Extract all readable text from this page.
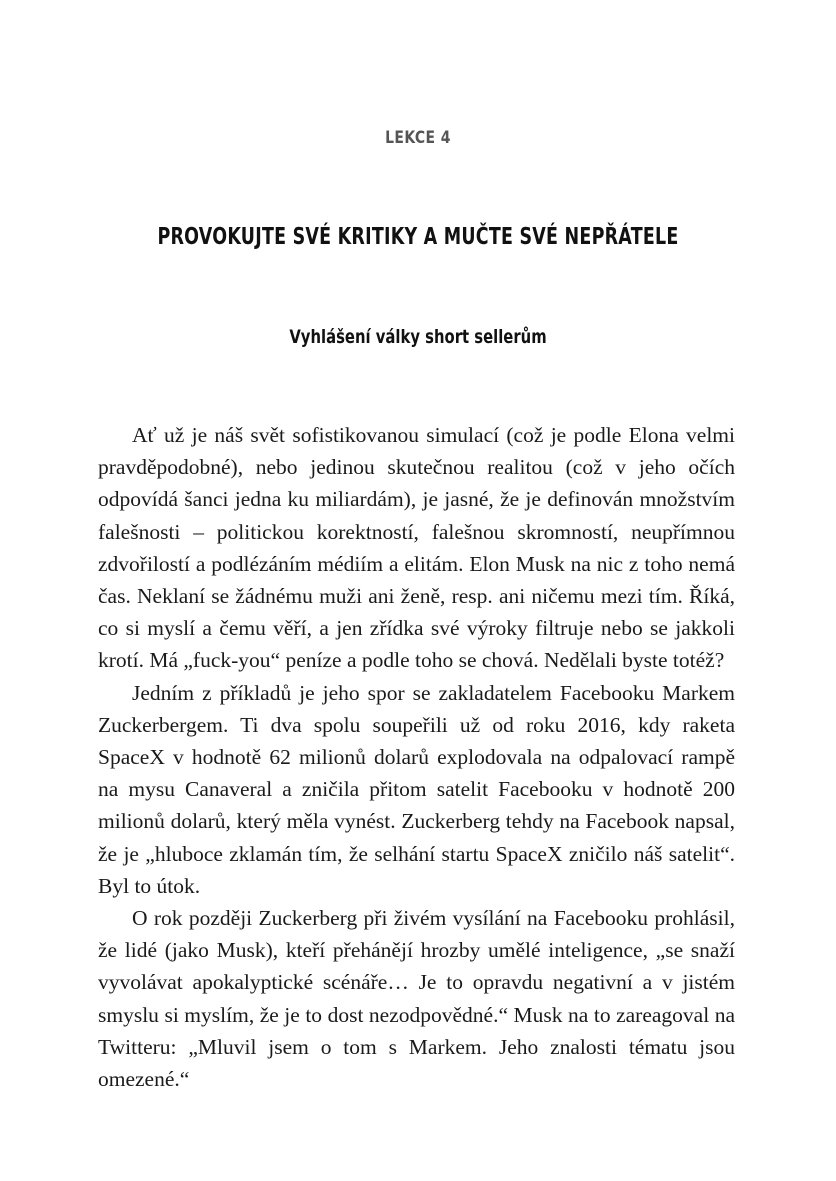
LEKCE 4
PROVOKUJTE SVÉ KRITIKY A MUČTE SVÉ NEPŘÁTELE
Vyhlášení války short sellerům

Ať už je náš svět sofistikovanou simulací (což je podle Elona velmi pravděpodobné), nebo jedinou skutečnou realitou (což v jeho očích odpovídá šanci jedna ku miliardám), je jasné, že je definován množstvím falešnosti – politickou korektností, falešnou skromností, neupřímnou zdvořilostí a podlézáním médiím a elitám. Elon Musk na nic z toho nemá čas. Neklaní se žádnému muži ani ženě, resp. ani ničemu mezi tím. Říká, co si myslí a čemu věří, a jen zřídka své výroky filtruje nebo se jakkoli krotí. Má „fuck-you“ peníze a podle toho se chová. Nedělali byste totéž?

Jedním z příkladů je jeho spor se zakladatelem Facebooku Markem Zuckerbergem. Ti dva spolu soupeřili už od roku 2016, kdy raketa SpaceX v hodnotě 62 milionů dolarů explodovala na odpalovací rampě na mysu Canaveral a zničila přitom satelit Facebooku v hodnotě 200 milionů dolarů, který měla vynést. Zuckerberg tehdy na Facebook napsal, že je „hluboce zklamán tím, že selhání startu SpaceX zničilo náš satelit“. Byl to útok.

O rok později Zuckerberg při živém vysílání na Facebooku prohlásil, že lidé (jako Musk), kteří přehánějí hrozby umělé inteligence, „se snaží vyvolávat apokalyptické scénáře… Je to opravdu negativní a v jistém smyslu si myslím, že je to dost nezodpovědné.“ Musk na to zareagoval na Twitteru: „Mluvil jsem o tom s Markem. Jeho znalosti tématu jsou omezené.“
